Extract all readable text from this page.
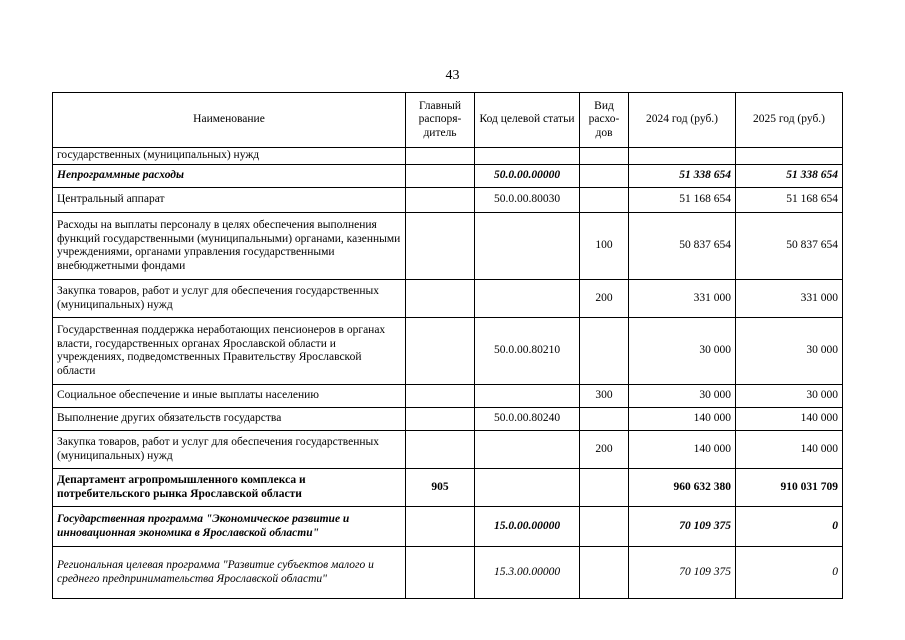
43
Наименование	Главный распоря-дитель	Код целевой статьи	Вид расхо-дов	2024 год (руб.)	2025 год (руб.)
государственных (муниципальных) нужд					
Непрограммные расходы		50.0.00.00000		51 338 654	51 338 654
Центральный аппарат		50.0.00.80030		51 168 654	51 168 654
Расходы на выплаты персоналу в целях обеспечения выполнения функций государственными (муниципальными) органами, казенными учреждениями, органами управления государственными внебюджетными фондами			100	50 837 654	50 837 654
Закупка товаров, работ и услуг для обеспечения государственных (муниципальных) нужд			200	331 000	331 000
Государственная поддержка неработающих пенсионеров в органах власти, государственных органах Ярославской области и учреждениях, подведомственных Правительству Ярославской области		50.0.00.80210		30 000	30 000
Социальное обеспечение и иные выплаты населению			300	30 000	30 000
Выполнение других обязательств государства		50.0.00.80240		140 000	140 000
Закупка товаров, работ и услуг для обеспечения государственных (муниципальных) нужд			200	140 000	140 000
Департамент агропромышленного комплекса и потребительского рынка Ярославской области	905			960 632 380	910 031 709
Государственная программа "Экономическое развитие и инновационная экономика в Ярославской области"		15.0.00.00000		70 109 375	0
Региональная целевая программа "Развитие субъектов малого и среднего предпринимательства Ярославской области"		15.3.00.00000		70 109 375	0
